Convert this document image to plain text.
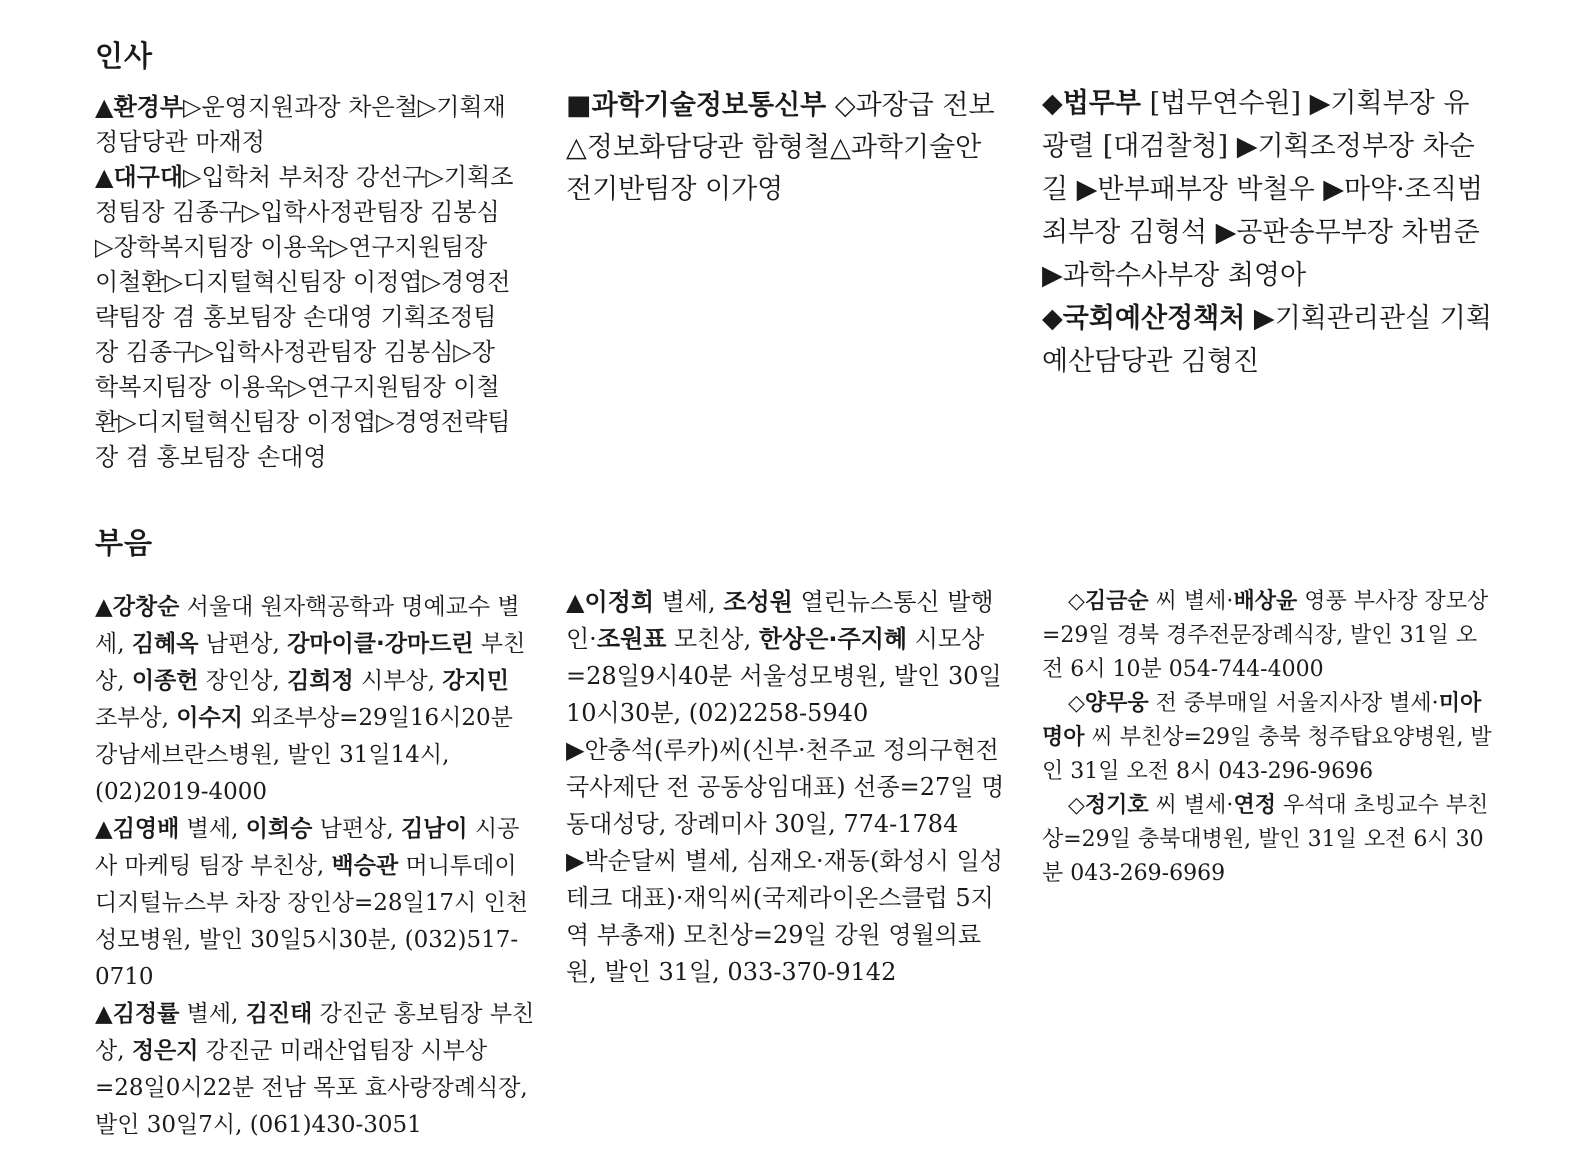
인사

▲환경부▷운영지원과장 차은철▷기획재정담당관 마재정

▲대구대▷입학처 부처장 강선구▷기획조정팀장 김종구▷입학사정관팀장 김봉심▷장학복지팀장 이용욱▷연구지원팀장 이철환▷디지털혁신팀장 이정엽▷경영전략팀장 겸 홍보팀장 손대영 기획조정팀장 김종구▷입학사정관팀장 김봉심▷장학복지팀장 이용욱▷연구지원팀장 이철환▷디지털혁신팀장 이정엽▷경영전략팀장 겸 홍보팀장 손대영

■과학기술정보통신부 ◇과장급 전보 △정보화담당관 함형철△과학기술안전기반팀장 이가영

◆법무부 [법무연수원] ▶기획부장 유광렬 [대검찰청] ▶기획조정부장 차순길 ▶반부패부장 박철우 ▶마약·조직범죄부장 김형석 ▶공판송무부장 차범준 ▶과학수사부장 최영아

◆국회예산정책처 ▶기획관리관실 기획예산담당관 김형진

부음

▲강창순 서울대 원자핵공학과 명예교수 별세, 김혜옥 남편상, 강마이클·강마드린 부친상, 이종헌 장인상, 김희정 시부상, 강지민 조부상, 이수지 외조부상=29일16시20분 강남세브란스병원, 발인 31일14시, (02)2019-4000

▲김영배 별세, 이희승 남편상, 김남이 시공사 마케팅 팀장 부친상, 백승관 머니투데이 디지털뉴스부 차장 장인상=28일17시 인천성모병원, 발인 30일5시30분, (032)517-0710

▲김정률 별세, 김진태 강진군 홍보팀장 부친상, 정은지 강진군 미래산업팀장 시부상=28일0시22분 전남 목포 효사랑장례식장, 발인 30일7시, (061)430-3051

▲이정희 별세, 조성원 열린뉴스통신 발행인·조원표 모친상, 한상은·주지혜 시모상=28일9시40분 서울성모병원, 발인 30일10시30분, (02)2258-5940

▶안충석(루카)씨(신부·천주교 정의구현전국사제단 전 공동상임대표) 선종=27일 명동대성당, 장례미사 30일, 774-1784

▶박순달씨 별세, 심재오·재동(화성시 일성테크 대표)·재익씨(국제라이온스클럽 5지역 부총재) 모친상=29일 강원 영월의료원, 발인 31일, 033-370-9142

◇김금순 씨 별세·배상윤 영풍 부사장 장모상=29일 경북 경주전문장례식장, 발인 31일 오전 6시 10분 054-744-4000

◇양무웅 전 중부매일 서울지사장 별세·미아명아 씨 부친상=29일 충북 청주탑요양병원, 발인 31일 오전 8시 043-296-9696

◇정기호 씨 별세·연정 우석대 초빙교수 부친상=29일 충북대병원, 발인 31일 오전 6시 30분 043-269-6969
